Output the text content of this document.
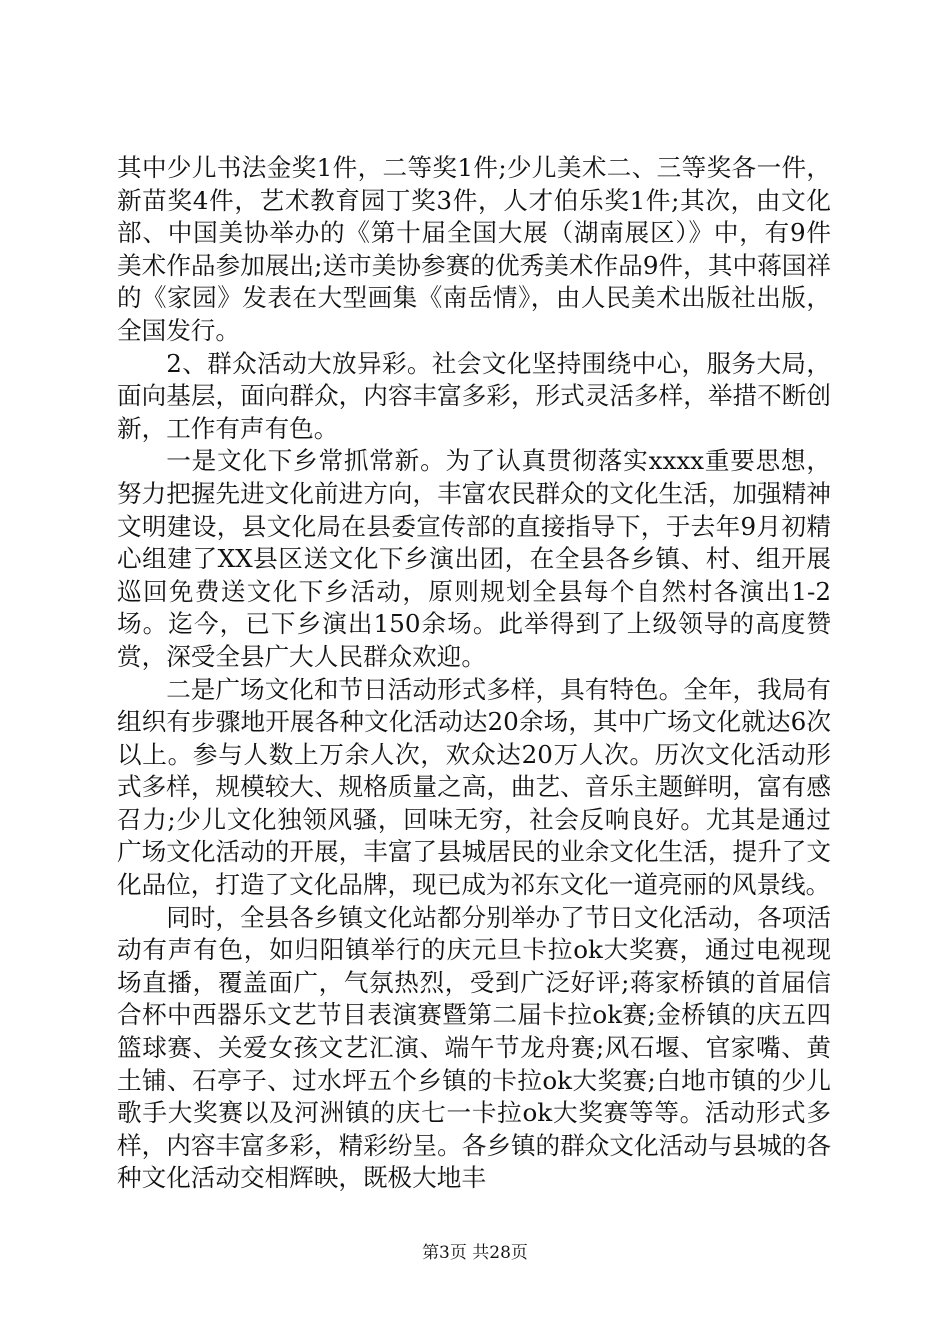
其中少儿书法金奖1件，二等奖1件;少儿美术二、三等奖各一件，新苗奖4件，艺术教育园丁奖3件，人才伯乐奖1件;其次，由文化部、中国美协举办的《第十届全国大展（湖南展区）》中，有9件美术作品参加展出;送市美协参赛的优秀美术作品9件，其中蒋国祥的《家园》发表在大型画集《南岳情》，由人民美术出版社出版，全国发行。

2、群众活动大放异彩。社会文化坚持围绕中心，服务大局，面向基层，面向群众，内容丰富多彩，形式灵活多样，举措不断创新，工作有声有色。

一是文化下乡常抓常新。为了认真贯彻落实xxxx重要思想，努力把握先进文化前进方向，丰富农民群众的文化生活，加强精神文明建设，县文化局在县委宣传部的直接指导下，于去年9月初精心组建了XX县区送文化下乡演出团，在全县各乡镇、村、组开展巡回免费送文化下乡活动，原则规划全县每个自然村各演出1-2场。迄今，已下乡演出150余场。此举得到了上级领导的高度赞赏，深受全县广大人民群众欢迎。

二是广场文化和节日活动形式多样，具有特色。全年，我局有组织有步骤地开展各种文化活动达20余场，其中广场文化就达6次以上。参与人数上万余人次，欢众达20万人次。历次文化活动形式多样，规模较大、规格质量之高，曲艺、音乐主题鲜明，富有感召力;少儿文化独领风骚，回味无穷，社会反响良好。尤其是通过广场文化活动的开展，丰富了县城居民的业余文化生活，提升了文化品位，打造了文化品牌，现已成为祁东文化一道亮丽的风景线。

同时，全县各乡镇文化站都分别举办了节日文化活动，各项活动有声有色，如归阳镇举行的庆元旦卡拉ok大奖赛，通过电视现场直播，覆盖面广，气氛热烈，受到广泛好评;蒋家桥镇的首届信合杯中西器乐文艺节目表演赛暨第二届卡拉ok赛;金桥镇的庆五四篮球赛、关爱女孩文艺汇演、端午节龙舟赛;风石堰、官家嘴、黄土铺、石亭子、过水坪五个乡镇的卡拉ok大奖赛;白地市镇的少儿歌手大奖赛以及河洲镇的庆七一卡拉ok大奖赛等等。活动形式多样，内容丰富多彩，精彩纷呈。各乡镇的群众文化活动与县城的各种文化活动交相辉映，既极大地丰

第3页 共28页
